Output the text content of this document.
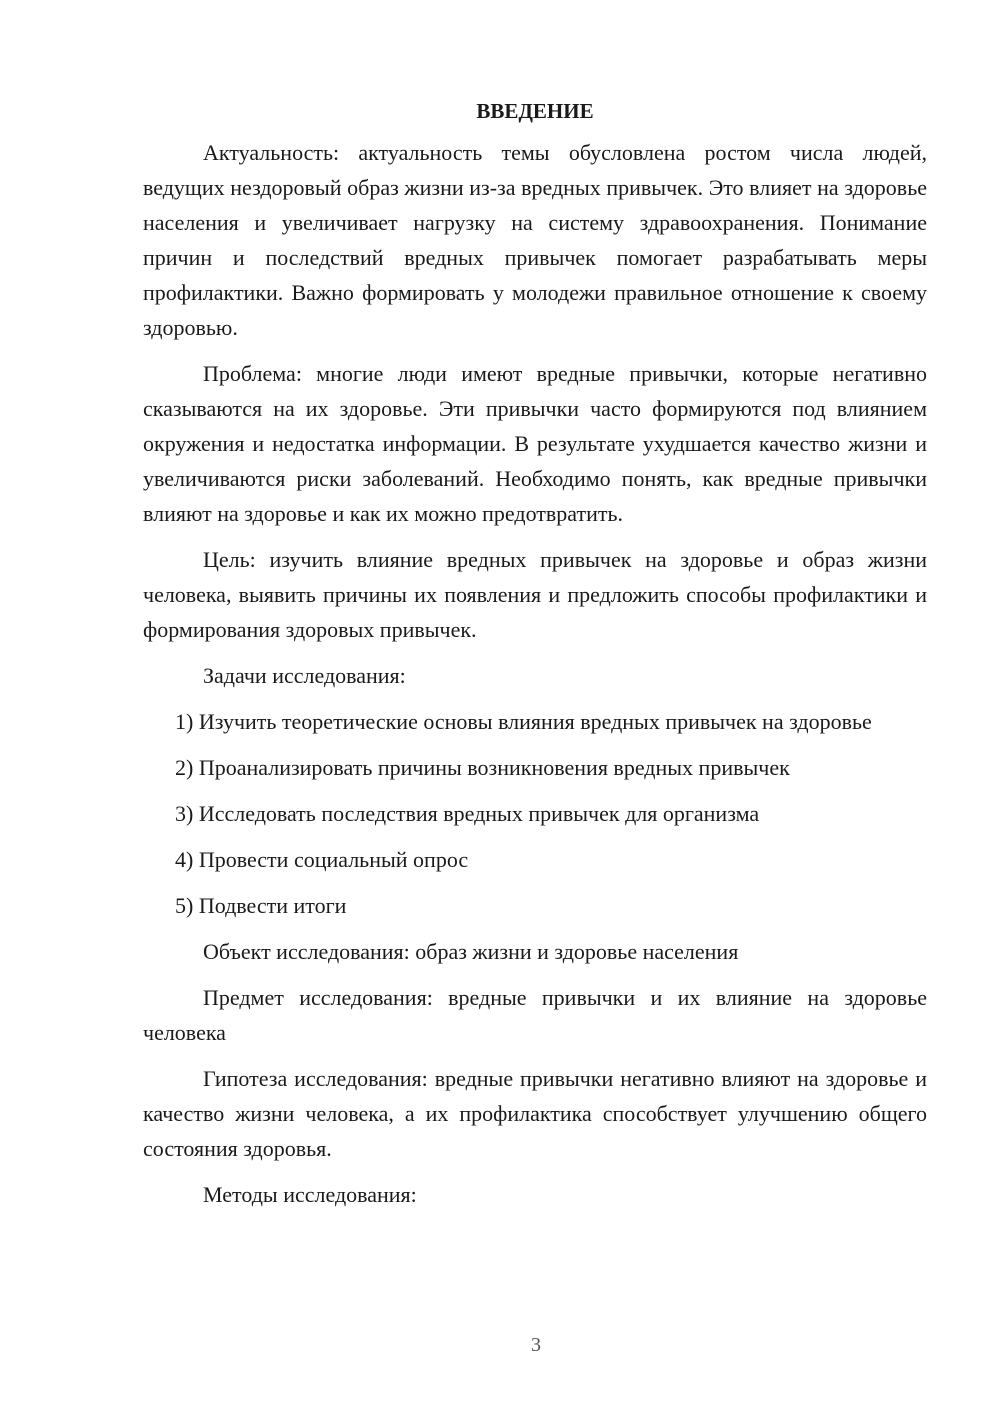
ВВЕДЕНИЕ

Актуальность: актуальность темы обусловлена ростом числа людей, ведущих нездоровый образ жизни из-за вредных привычек. Это влияет на здоровье населения и увеличивает нагрузку на систему здравоохранения. Понимание причин и последствий вредных привычек помогает разрабатывать меры профилактики. Важно формировать у молодежи правильное отношение к своему здоровью.

Проблема: многие люди имеют вредные привычки, которые негативно сказываются на их здоровье. Эти привычки часто формируются под влиянием окружения и недостатка информации. В результате ухудшается качество жизни и увеличиваются риски заболеваний. Необходимо понять, как вредные привычки влияют на здоровье и как их можно предотвратить.

Цель: изучить влияние вредных привычек на здоровье и образ жизни человека, выявить причины их появления и предложить способы профилактики и формирования здоровых привычек.

Задачи исследования:

1) Изучить теоретические основы влияния вредных привычек на здоровье

2) Проанализировать причины возникновения вредных привычек

3) Исследовать последствия вредных привычек для организма

4) Провести социальный опрос

5) Подвести итоги

Объект исследования: образ жизни и здоровье населения

Предмет исследования: вредные привычки и их влияние на здоровье человека

Гипотеза исследования: вредные привычки негативно влияют на здоровье и качество жизни человека, а их профилактика способствует улучшению общего состояния здоровья.

Методы исследования:

3
